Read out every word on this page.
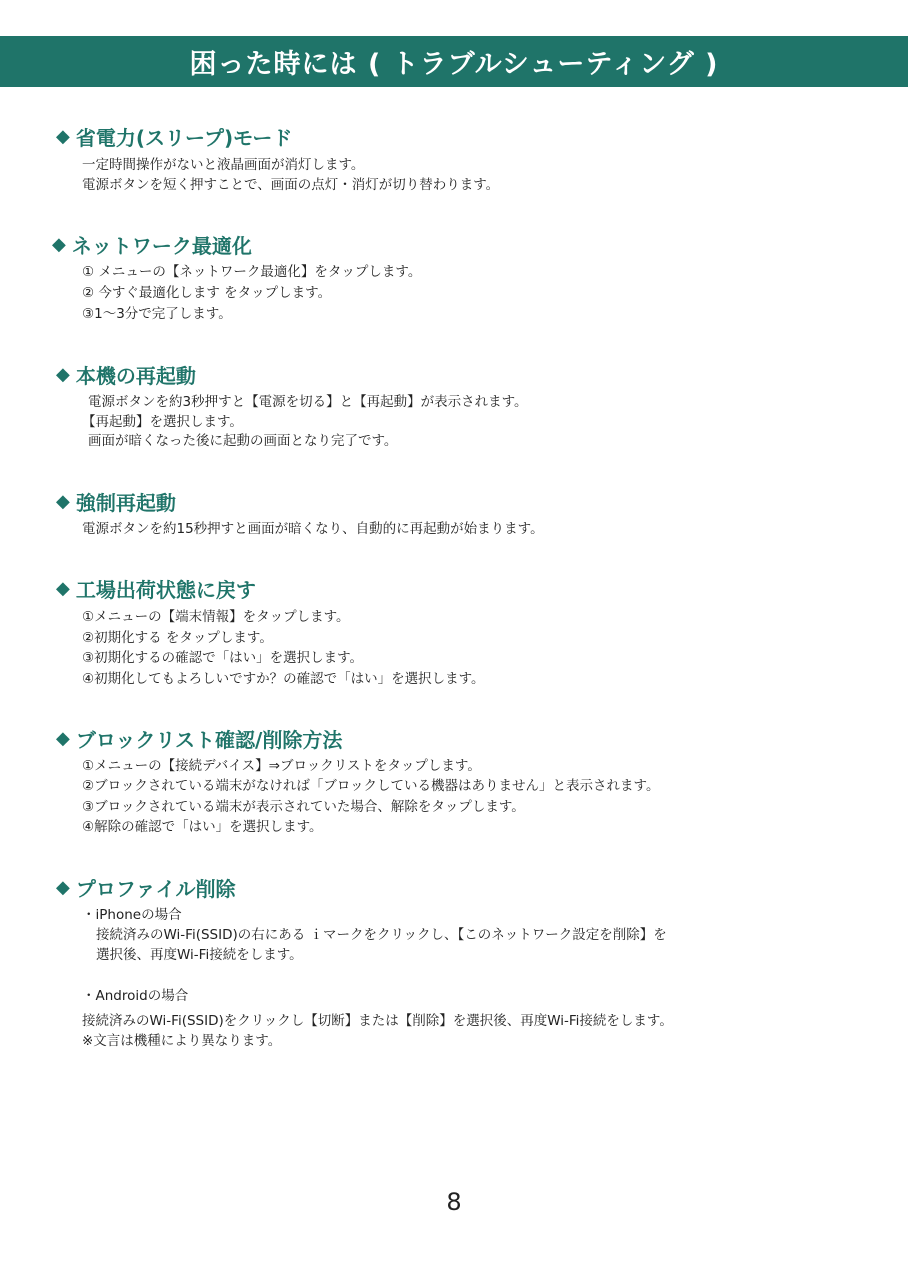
困った時には ( トラブルシューティング )
◆ 省電力(スリープ)モード
一定時間操作がないと液晶画面が消灯します。
電源ボタンを短く押すことで、画面の点灯・消灯が切り替わります。
◆ ネットワーク最適化
① メニューの【ネットワーク最適化】をタップします。
② 今すぐ最適化します をタップします。
③1～3分で完了します。
◆ 本機の再起動
電源ボタンを約3秒押すと【電源を切る】と【再起動】が表示されます。
【再起動】を選択します。
画面が暗くなった後に起動の画面となり完了です。
◆ 強制再起動
電源ボタンを約15秒押すと画面が暗くなり、自動的に再起動が始まります。
◆ 工場出荷状態に戻す
①メニューの【端末情報】をタップします。
②初期化する をタップします。
③初期化するの確認で「はい」を選択します。
④初期化してもよろしいですか？の確認で「はい」を選択します。
◆ ブロックリスト確認/削除方法
①メニューの【接続デバイス】⇒ブロックリストをタップします。
②ブロックされている端末がなければ「ブロックしている機器はありません」と表示されます。
③ブロックされている端末が表示されていた場合、解除をタップします。
④解除の確認で「はい」を選択します。
◆ プロファイル削除
・iPhoneの場合
接続済みのWi-Fi(SSID)の右にある ｉマークをクリックし、【このネットワーク設定を削除】を
選択後、再度Wi-Fi接続をします。
・Androidの場合
接続済みのWi-Fi(SSID)をクリックし【切断】または【削除】を選択後、再度Wi-Fi接続をします。
※文言は機種により異なります。
8
